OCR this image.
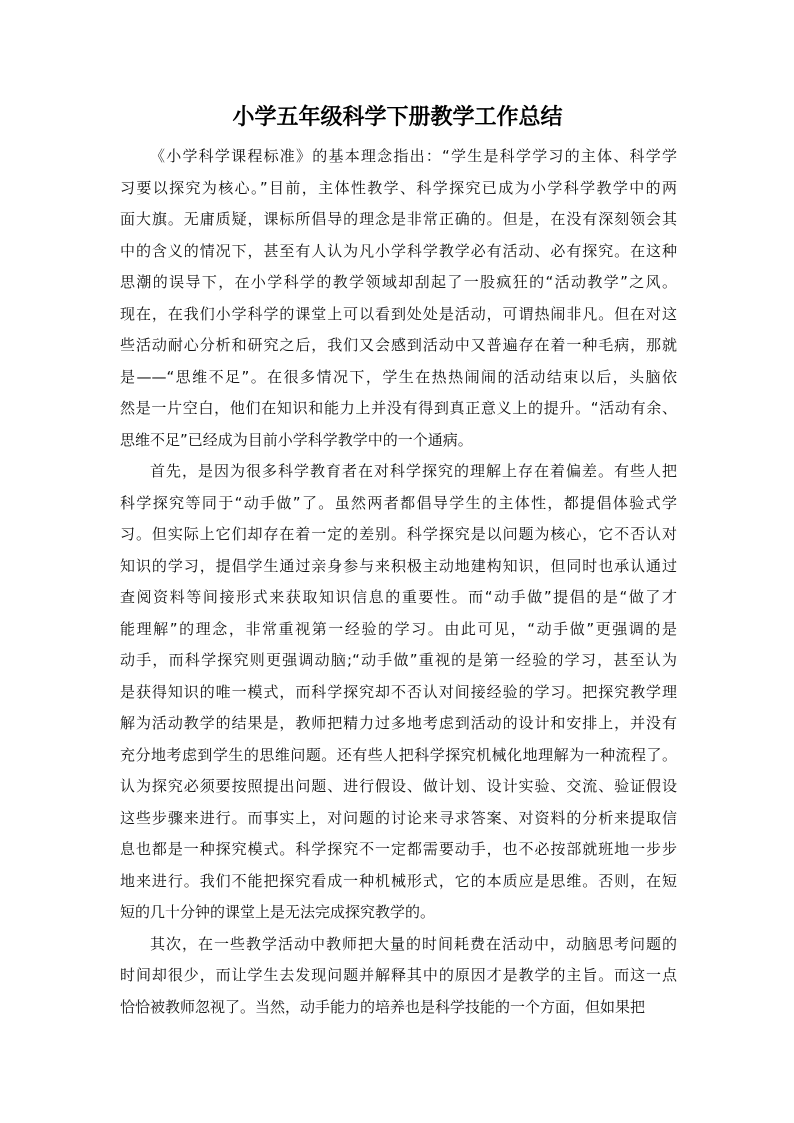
小学五年级科学下册教学工作总结
《小学科学课程标准》的基本理念指出：“学生是科学学习的主体、科学学
习要以探究为核心。”目前，主体性教学、科学探究已成为小学科学教学中的两
面大旗。无庸质疑，课标所倡导的理念是非常正确的。但是，在没有深刻领会其
中的含义的情况下，甚至有人认为凡小学科学教学必有活动、必有探究。在这种
思潮的误导下，在小学科学的教学领域却刮起了一股疯狂的“活动教学”之风。
现在，在我们小学科学的课堂上可以看到处处是活动，可谓热闹非凡。但在对这
些活动耐心分析和研究之后，我们又会感到活动中又普遍存在着一种毛病，那就
是——“思维不足”。在很多情况下，学生在热热闹闹的活动结束以后，头脑依
然是一片空白，他们在知识和能力上并没有得到真正意义上的提升。“活动有余、
思维不足”已经成为目前小学科学教学中的一个通病。
首先，是因为很多科学教育者在对科学探究的理解上存在着偏差。有些人把
科学探究等同于“动手做”了。虽然两者都倡导学生的主体性，都提倡体验式学
习。但实际上它们却存在着一定的差别。科学探究是以问题为核心，它不否认对
知识的学习，提倡学生通过亲身参与来积极主动地建构知识，但同时也承认通过
查阅资料等间接形式来获取知识信息的重要性。而“动手做”提倡的是“做了才
能理解”的理念，非常重视第一经验的学习。由此可见，“动手做”更强调的是
动手，而科学探究则更强调动脑;“动手做”重视的是第一经验的学习，甚至认为
是获得知识的唯一模式，而科学探究却不否认对间接经验的学习。把探究教学理
解为活动教学的结果是，教师把精力过多地考虑到活动的设计和安排上，并没有
充分地考虑到学生的思维问题。还有些人把科学探究机械化地理解为一种流程了。
认为探究必须要按照提出问题、进行假设、做计划、设计实验、交流、验证假设
这些步骤来进行。而事实上，对问题的讨论来寻求答案、对资料的分析来提取信
息也都是一种探究模式。科学探究不一定都需要动手，也不必按部就班地一步步
地来进行。我们不能把探究看成一种机械形式，它的本质应是思维。否则，在短
短的几十分钟的课堂上是无法完成探究教学的。
其次，在一些教学活动中教师把大量的时间耗费在活动中，动脑思考问题的
时间却很少，而让学生去发现问题并解释其中的原因才是教学的主旨。而这一点
恰恰被教师忽视了。当然，动手能力的培养也是科学技能的一个方面，但如果把
